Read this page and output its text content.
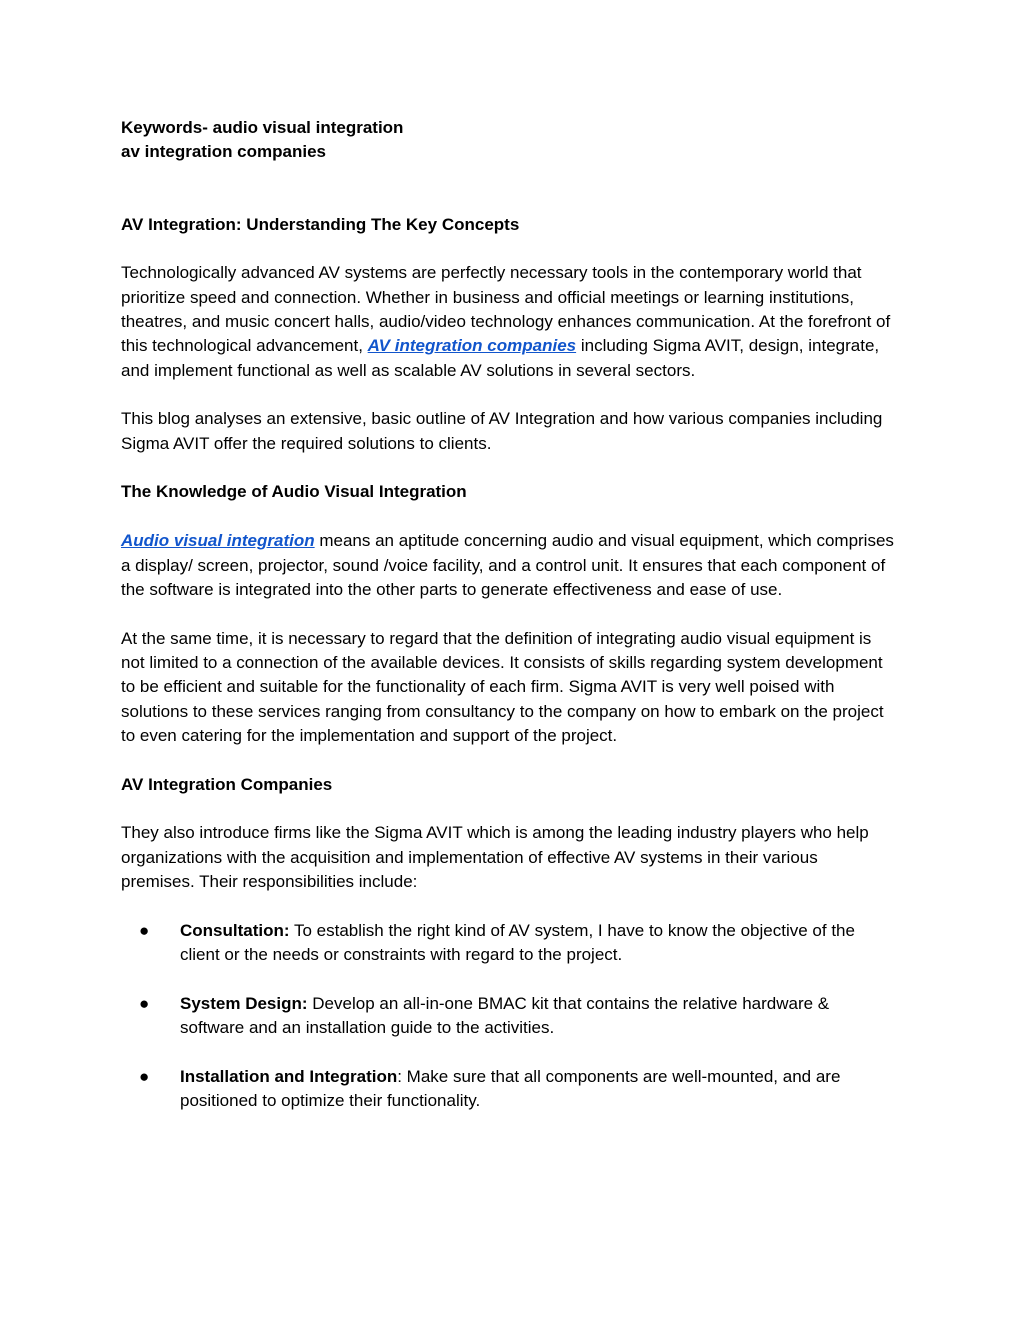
Keywords- audio visual integration

av integration companies

AV Integration: Understanding The Key Concepts

Technologically advanced AV systems are perfectly necessary tools in the contemporary world that prioritize speed and connection. Whether in business and official meetings or learning institutions, theatres, and music concert halls, audio/video technology enhances communication. At the forefront of this technological advancement, AV integration companies including Sigma AVIT, design, integrate, and implement functional as well as scalable AV solutions in several sectors.

This blog analyses an extensive, basic outline of AV Integration and how various companies including Sigma AVIT offer the required solutions to clients.

The Knowledge of Audio Visual Integration

Audio visual integration means an aptitude concerning audio and visual equipment, which comprises a display/ screen, projector, sound /voice facility, and a control unit. It ensures that each component of the software is integrated into the other parts to generate effectiveness and ease of use.

At the same time, it is necessary to regard that the definition of integrating audio visual equipment is not limited to a connection of the available devices. It consists of skills regarding system development to be efficient and suitable for the functionality of each firm. Sigma AVIT is very well poised with solutions to these services ranging from consultancy to the company on how to embark on the project to even catering for the implementation and support of the project.

AV Integration Companies

They also introduce firms like the Sigma AVIT which is among the leading industry players who help organizations with the acquisition and implementation of effective AV systems in their various premises. Their responsibilities include:

● Consultation: To establish the right kind of AV system, I have to know the objective of the client or the needs or constraints with regard to the project.
● System Design: Develop an all-in-one BMAC kit that contains the relative hardware & software and an installation guide to the activities.
● Installation and Integration: Make sure that all components are well-mounted, and are positioned to optimize their functionality.
